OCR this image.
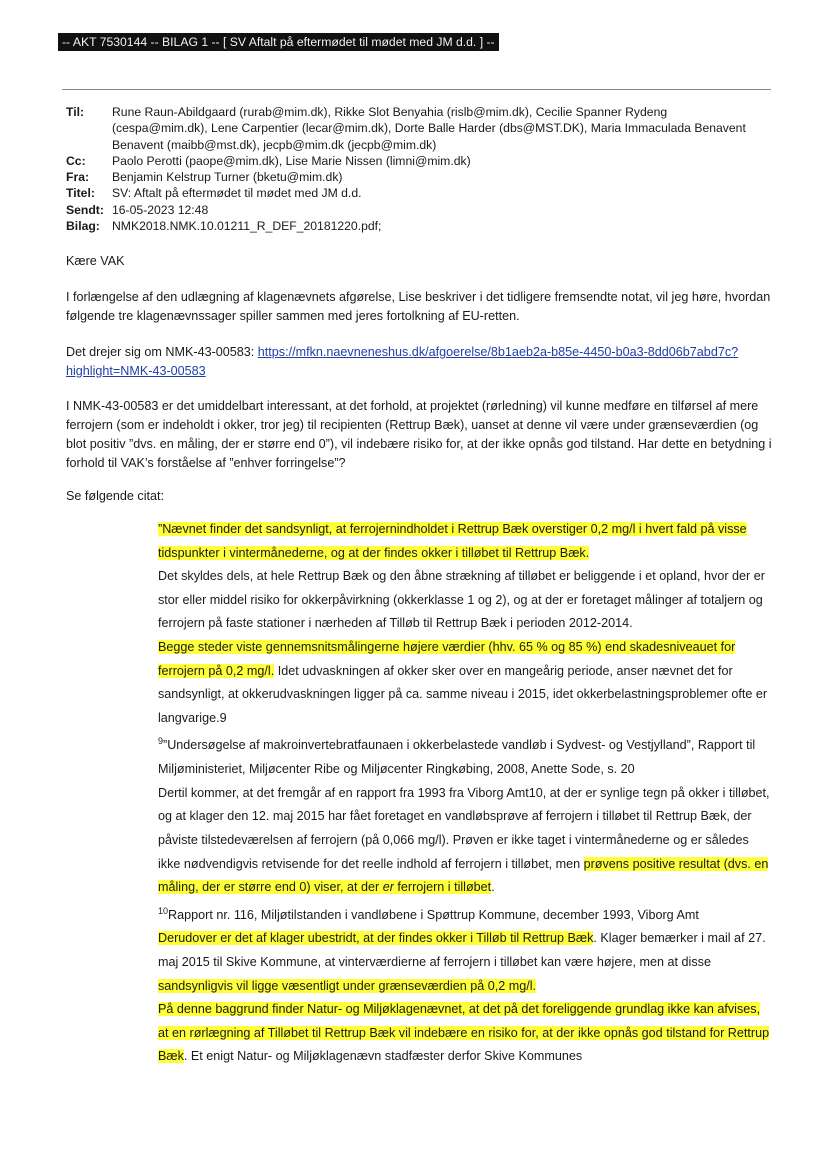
-- AKT 7530144 -- BILAG 1 -- [ SV Aftalt på eftermødet til mødet med JM d.d. ] --
Til:	Rune Raun-Abildgaard (rurab@mim.dk), Rikke Slot Benyahia (rislb@mim.dk), Cecilie Spanner Rydeng (cespa@mim.dk), Lene Carpentier (lecar@mim.dk), Dorte Balle Harder (dbs@MST.DK), Maria Immaculada Benavent Benavent (maibb@mst.dk), jecpb@mim.dk (jecpb@mim.dk)
Cc:	Paolo Perotti (paope@mim.dk), Lise Marie Nissen (limni@mim.dk)
Fra:	Benjamin Kelstrup Turner (bketu@mim.dk)
Titel:	SV: Aftalt på eftermødet til mødet med JM d.d.
Sendt: 16-05-2023 12:48
Bilag: NMK2018.NMK.10.01211_R_DEF_20181220.pdf;
Kære VAK
I forlængelse af den udlægning af klagenævnets afgørelse, Lise beskriver i det tidligere fremsendte notat, vil jeg høre, hvordan følgende tre klagenævnssager spiller sammen med jeres fortolkning af EU-retten.
Det drejer sig om NMK-43-00583: https://mfkn.naevneneshus.dk/afgoerelse/8b1aeb2a-b85e-4450-b0a3-8dd06b7abd7c?highlight=NMK-43-00583
I NMK-43-00583 er det umiddelbart interessant, at det forhold, at projektet (rørledning) vil kunne medføre en tilførsel af mere ferrojern (som er indeholdt i okker, tror jeg) til recipienten (Rettrup Bæk), uanset at denne vil være under grænseværdien (og blot positiv ”dvs. en måling, der er større end 0”), vil indebære risiko for, at der ikke opnås god tilstand. Har dette en betydning i forhold til VAK’s forståelse af ”enhver forringelse”?
Se følgende citat:

”Nævnet finder det sandsynligt, at ferrojernindholdet i Rettrup Bæk overstiger 0,2 mg/l i hvert fald på visse tidspunkter i vintermånederne, og at der findes okker i tilløbet til Rettrup Bæk.

Det skyldes dels, at hele Rettrup Bæk og den åbne strækning af tilløbet er beliggende i et opland, hvor der er stor eller middel risiko for okkerpåvirkning (okkerklasse 1 og 2), og at der er foretaget målinger af totaljern og ferrojern på faste stationer i nærheden af Tilløb til Rettrup Bæk i perioden 2012-2014.

Begge steder viste gennemsnitsmålingerne højere værdier (hhv. 65 % og 85 %) end skadesniveauet for ferrojern på 0,2 mg/l. Idet udvaskningen af okker sker over en mangeårig periode, anser nævnet det for sandsynligt, at okkerudvaskningen ligger på ca. samme niveau i 2015, idet okkerbelastningsproblemer ofte er langvarige.9

$^9$”Undersøgelse af makroinvertebratfaunaen i okkerbelastede vandløb i Sydvest- og Vestjylland”, Rapport til Miljøministeriet, Miljøcenter Ribe og Miljøcenter Ringkøbing, 2008, Anette Sode, s. 20

Dertil kommer, at det fremgår af en rapport fra 1993 fra Viborg Amt10, at der er synlige tegn på okker i tilløbet, og at klager den 12. maj 2015 har fået foretaget en vandløbsprøve af ferrojern i tilløbet til Rettrup Bæk, der påviste tilstedeværelsen af ferrojern (på 0,066 mg/l). Prøven er ikke taget i vintermånederne og er således ikke nødvendigvis retvisende for det reelle indhold af ferrojern i tilløbet, men prøvens positive resultat (dvs. en måling, der er større end 0) viser, at der er ferrojern i tilløbet.

$^{10}$Rapport nr. 116, Miljøtilstanden i vandløbene i Spøttrup Kommune, december 1993, Viborg Amt

Derudover er det af klager ubestridt, at der findes okker i Tilløb til Rettrup Bæk. Klager bemærker i mail af 27. maj 2015 til Skive Kommune, at vinterværdierne af ferrojern i tilløbet kan være højere, men at disse sandsynligvis vil ligge væsentligt under grænseværdien på 0,2 mg/l.

På denne baggrund finder Natur- og Miljøklagenævnet, at det på det foreliggende grundlag ikke kan afvises, at en rørlægning af Tilløbet til Rettrup Bæk vil indebære en risiko for, at der ikke opnås god tilstand for Rettrup Bæk. Et enigt Natur- og Miljøklagenævn stadfæster derfor Skive Kommunes
